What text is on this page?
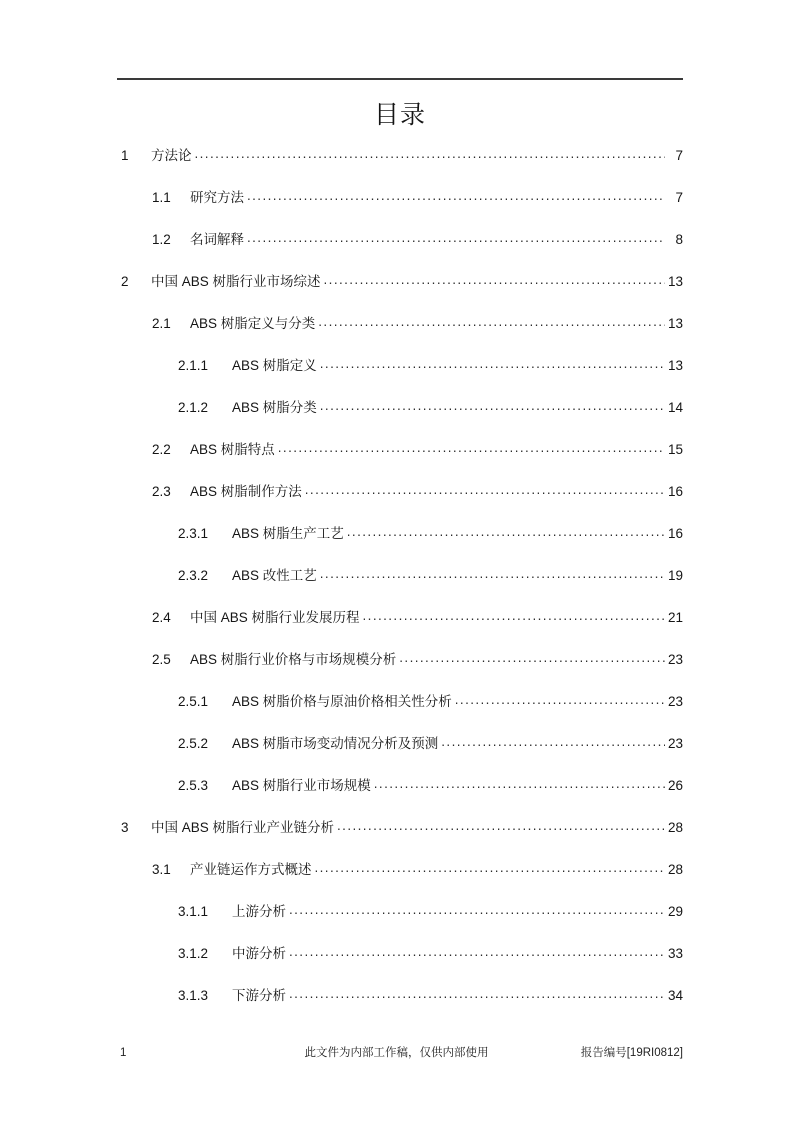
目录
1	方法论 .....	7
1.1	研究方法 .....	7
1.2	名词解释 .....	8
2	中国 ABS 树脂行业市场综述 .....	13
2.1	ABS 树脂定义与分类 .....	13
2.1.1	ABS 树脂定义 .....	13
2.1.2	ABS 树脂分类 .....	14
2.2	ABS 树脂特点 .....	15
2.3	ABS 树脂制作方法 .....	16
2.3.1	ABS 树脂生产工艺 .....	16
2.3.2	ABS 改性工艺 .....	19
2.4	中国 ABS 树脂行业发展历程 .....	21
2.5	ABS 树脂行业价格与市场规模分析 .....	23
2.5.1	ABS 树脂价格与原油价格相关性分析 .....	23
2.5.2	ABS 树脂市场变动情况分析及预测 .....	23
2.5.3	ABS 树脂行业市场规模 .....	26
3	中国 ABS 树脂行业产业链分析 .....	28
3.1	产业链运作方式概述 .....	28
3.1.1	上游分析 .....	29
3.1.2	中游分析 .....	33
3.1.3	下游分析 .....	34
1	此文件为内部工作稿，仅供内部使用	报告编号[19RI0812]
